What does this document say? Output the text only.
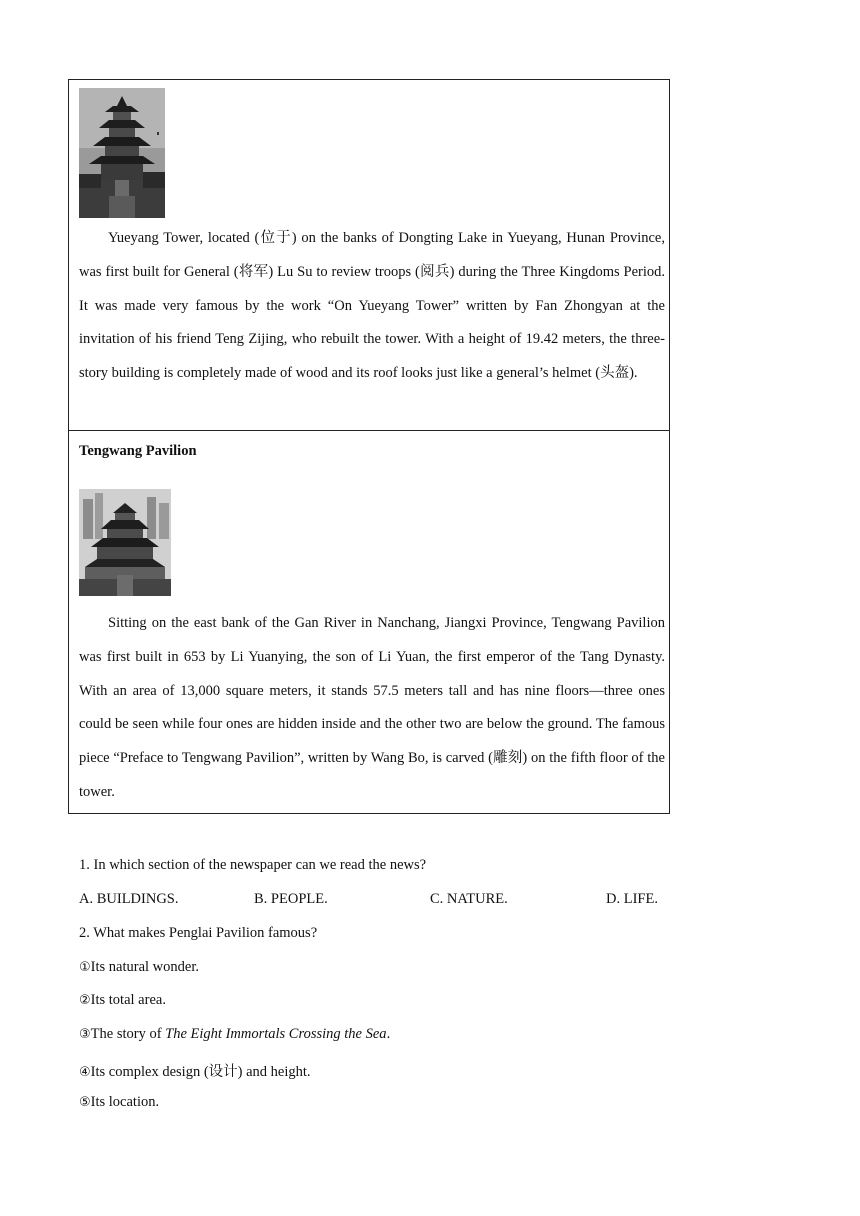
Yueyang Tower, located (位于) on the banks of Dongting Lake in Yueyang, Hunan Province, was first built for General (将军) Lu Su to review troops (阅兵) during the Three Kingdoms Period. It was made very famous by the work “On Yueyang Tower” written by Fan Zhongyan at the invitation of his friend Teng Zijing, who rebuilt the tower. With a height of 19.42 meters, the three-story building is completely made of wood and its roof looks just like a general’s helmet (头盔).

Tengwang Pavilion

Sitting on the east bank of the Gan River in Nanchang, Jiangxi Province, Tengwang Pavilion was first built in 653 by Li Yuanying, the son of Li Yuan, the first emperor of the Tang Dynasty. With an area of 13,000 square meters, it stands 57.5 meters tall and has nine floors—three ones could be seen while four ones are hidden inside and the other two are below the ground. The famous piece “Preface to Tengwang Pavilion”, written by Wang Bo, is carved (雕刻) on the fifth floor of the tower.

1. In which section of the newspaper can we read the news?

A. BUILDINGS.	B. PEOPLE.	C. NATURE.	D. LIFE.

2. What makes Penglai Pavilion famous?

①Its natural wonder.

②Its total area.

③The story of The Eight Immortals Crossing the Sea.

④Its complex design (设计) and height.

⑤Its location.
